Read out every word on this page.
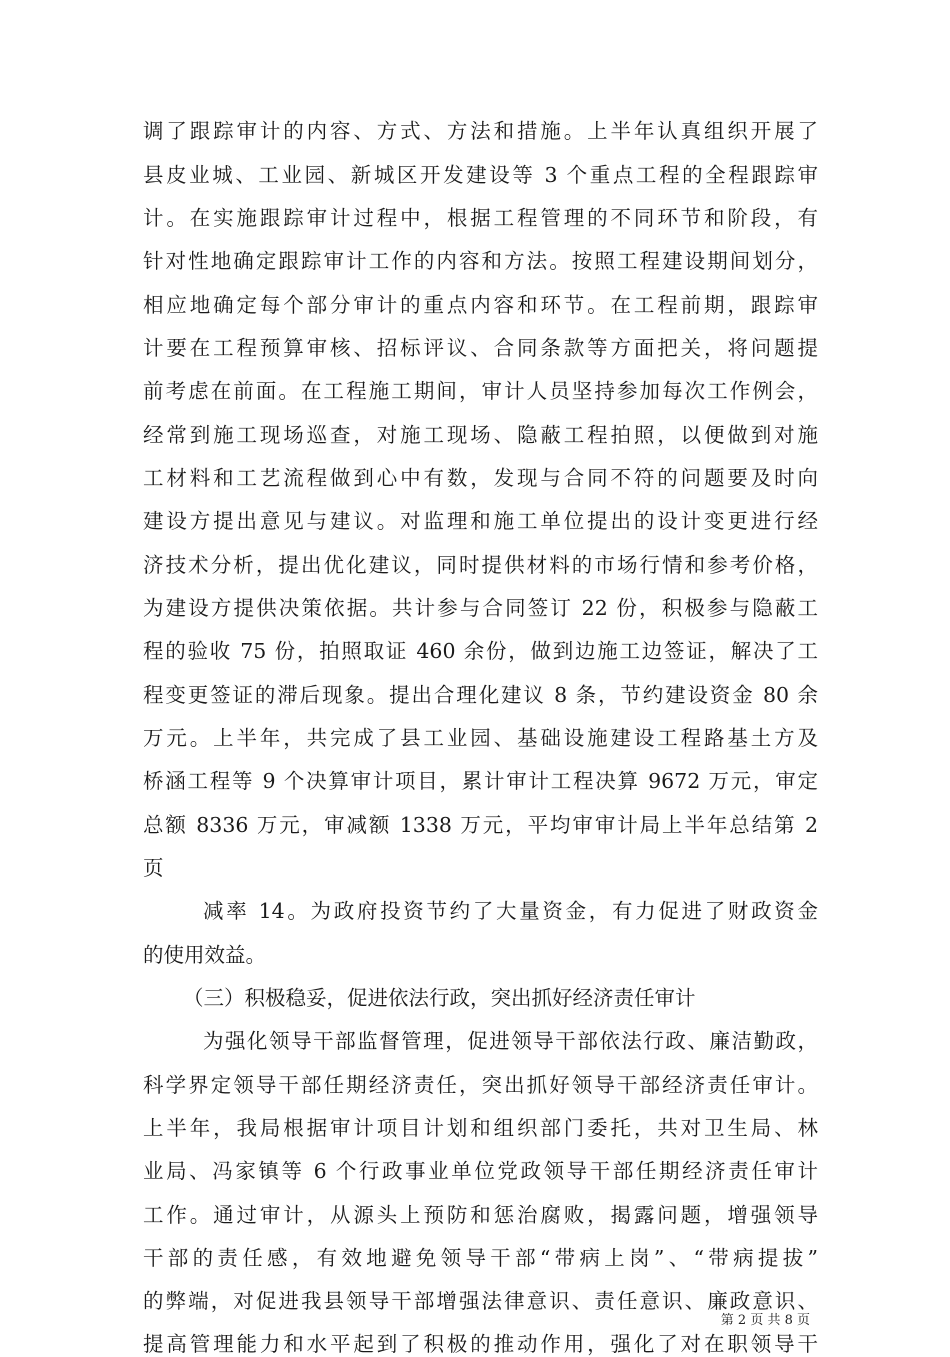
调了跟踪审计的内容、方式、方法和措施。上半年认真组织开展了
县皮业城、工业园、新城区开发建设等 3 个重点工程的全程跟踪审
计。在实施跟踪审计过程中，根据工程管理的不同环节和阶段，有
针对性地确定跟踪审计工作的内容和方法。按照工程建设期间划分，
相应地确定每个部分审计的重点内容和环节。在工程前期，跟踪审
计要在工程预算审核、招标评议、合同条款等方面把关，将问题提
前考虑在前面。在工程施工期间，审计人员坚持参加每次工作例会，
经常到施工现场巡查，对施工现场、隐蔽工程拍照，以便做到对施
工材料和工艺流程做到心中有数，发现与合同不符的问题要及时向
建设方提出意见与建议。对监理和施工单位提出的设计变更进行经
济技术分析，提出优化建议，同时提供材料的市场行情和参考价格，
为建设方提供决策依据。共计参与合同签订 22 份，积极参与隐蔽工
程的验收 75 份，拍照取证 460 余份，做到边施工边签证，解决了工
程变更签证的滞后现象。提出合理化建议 8 条，节约建设资金 80 余
万元。上半年，共完成了县工业园、基础设施建设工程路基土方及
桥涵工程等 9 个决算审计项目，累计审计工程决算 9672 万元，审定
总额 8336 万元，审减额 1338 万元，平均审审计局上半年总结第 2
页
减率 14。为政府投资节约了大量资金，有力促进了财政资金
的使用效益。
（三）积极稳妥，促进依法行政，突出抓好经济责任审计
为强化领导干部监督管理，促进领导干部依法行政、廉洁勤政，
科学界定领导干部任期经济责任，突出抓好领导干部经济责任审计。
上半年，我局根据审计项目计划和组织部门委托，共对卫生局、林
业局、冯家镇等 6 个行政事业单位党政领导干部任期经济责任审计
工作。通过审计，从源头上预防和惩治腐败，揭露问题，增强领导
干部的责任感，有效地避免领导干部“带病上岗”、“带病提拔”
的弊端，对促进我县领导干部增强法律意识、责任意识、廉政意识、
提高管理能力和水平起到了积极的推动作用，强化了对在职领导干
第 2 页 共 8 页
